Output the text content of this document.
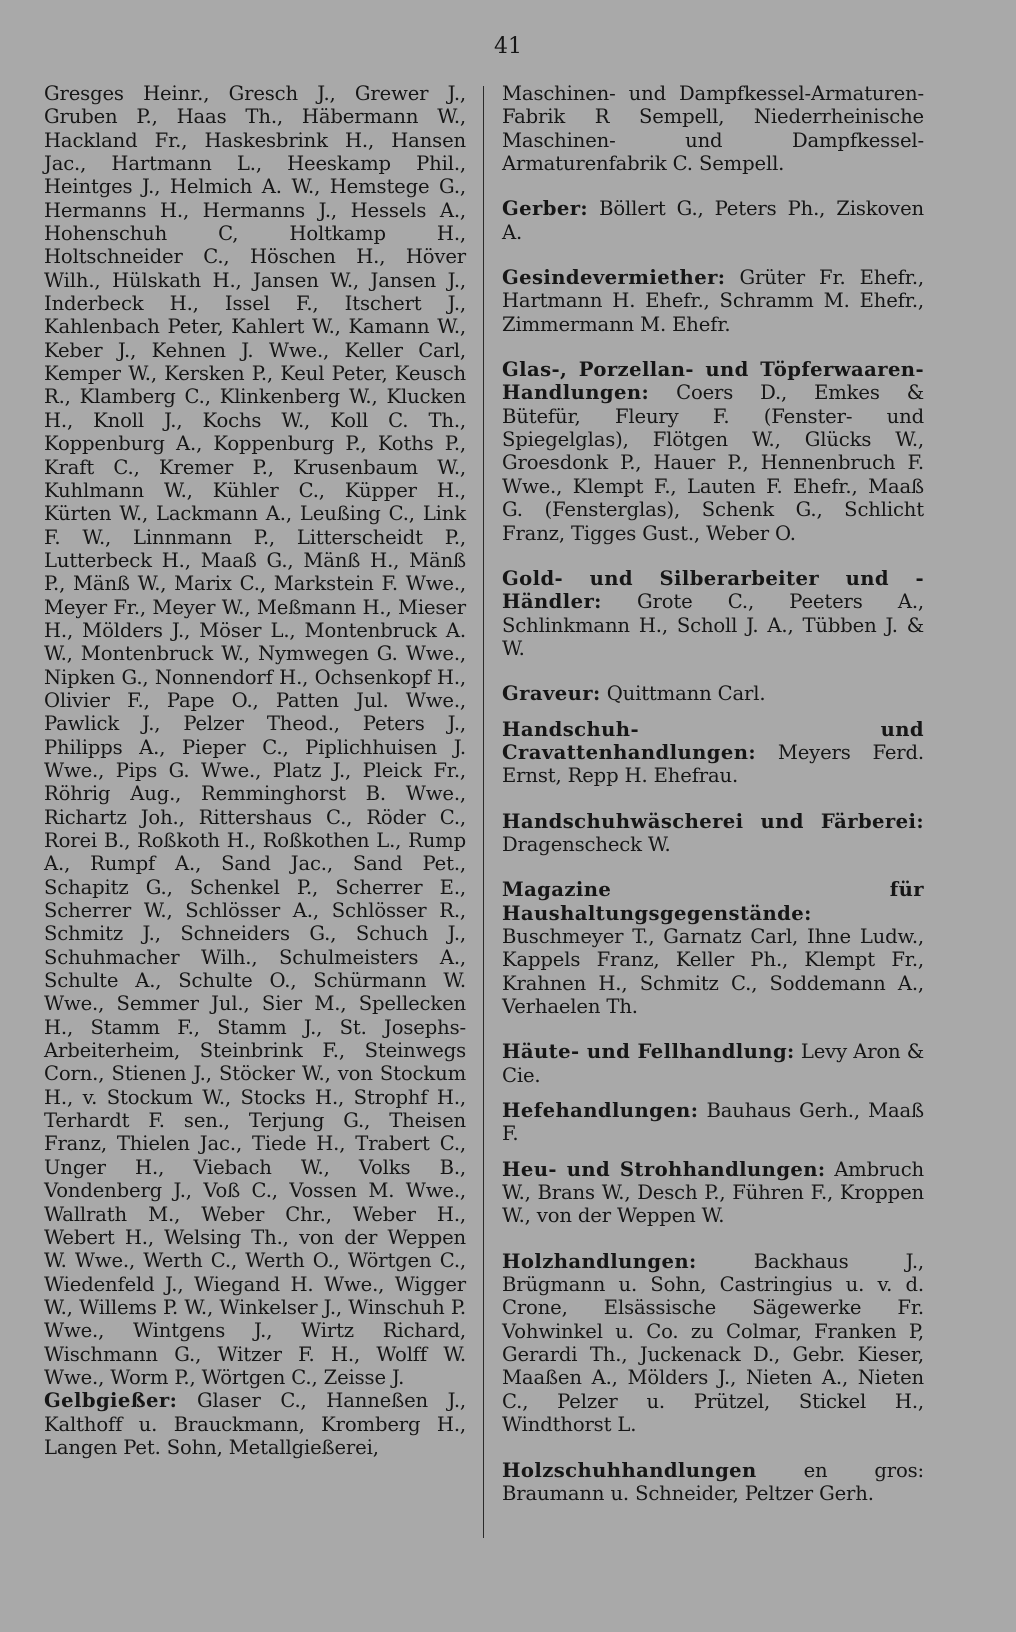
41

Gresges Heinr., Gresch J., Grewer J., Gruben P., Haas Th., Häbermann W., Hackland Fr., Haskesbrink H., Hansen Jac., Hartmann L., Heeskamp Phil., Heintges J., Helmich A. W., Hemstege G., Hermanns H., Hermanns J., Hessels A., Hohenschuh C, Holtkamp H., Holtschneider C., Höschen H., Höver Wilh., Hülskath H., Jansen W., Jansen J., Inderbeck H., Issel F., Itschert J., Kahlenbach Peter, Kahlert W., Kamann W., Keber J., Kehnen J. Wwe., Keller Carl, Kemper W., Kersken P., Keul Peter, Keusch R., Klamberg C., Klinkenberg W., Klucken H., Knoll J., Kochs W., Koll C. Th., Koppenburg A., Koppenburg P., Koths P., Kraft C., Kremer P., Krusenbaum W., Kuhlmann W., Kühler C., Küpper H., Kürten W., Lackmann A., Leußing C., Link F. W., Linnmann P., Litterscheidt P., Lutterbeck H., Maaß G., Mänß H., Mänß P., Mänß W., Marix C., Markstein F. Wwe., Meyer Fr., Meyer W., Meßmann H., Mieser H., Mölders J., Möser L., Montenbruck A. W., Montenbruck W., Nymwegen G. Wwe., Nipken G., Nonnendorf H., Ochsenkopf H., Olivier F., Pape O., Patten Jul. Wwe., Pawlick J., Pelzer Theod., Peters J., Philipps A., Pieper C., Piplichhuisen J. Wwe., Pips G. Wwe., Platz J., Pleick Fr., Röhrig Aug., Remminghorst B. Wwe., Richartz Joh., Rittershaus C., Röder C., Rorei B., Roßkoth H., Roßkothen L., Rump A., Rumpf A., Sand Jac., Sand Pet., Schapitz G., Schenkel P., Scherrer E., Scherrer W., Schlösser A., Schlösser R., Schmitz J., Schneiders G., Schuch J., Schuhmacher Wilh., Schulmeisters A., Schulte A., Schulte O., Schürmann W. Wwe., Semmer Jul., Sier M., Spellecken H., Stamm F., Stamm J., St. Josephs-Arbeiterheim, Steinbrink F., Steinwegs Corn., Stienen J., Stöcker W., von Stockum H., v. Stockum W., Stocks H., Strophf H., Terhardt F. sen., Terjung G., Theisen Franz, Thielen Jac., Tiede H., Trabert C., Unger H., Viebach W., Volks B., Vondenberg J., Voß C., Vossen M. Wwe., Wallrath M., Weber Chr., Weber H., Webert H., Welsing Th., von der Weppen W. Wwe., Werth C., Werth O., Wörtgen C., Wiedenfeld J., Wiegand H. Wwe., Wigger W., Willems P. W., Winkelser J., Winschuh P. Wwe., Wintgens J., Wirtz Richard, Wischmann G., Witzer F. H., Wolff W. Wwe., Worm P., Wörtgen C., Zeisse J.

Gelbgießer: Glaser C., Hanneßen J., Kalthoff u. Brauckmann, Kromberg H., Langen Pet. Sohn, Metallgießerei,

Maschinen- und Dampfkessel-Armaturen-Fabrik R Sempell, Niederrheinische Maschinen- und Dampfkessel-Armaturenfabrik C. Sempell.

Gerber: Böllert G., Peters Ph., Ziskoven A.

Gesindevermiether: Grüter Fr. Ehefr., Hartmann H. Ehefr., Schramm M. Ehefr., Zimmermann M. Ehefr.

Glas-, Porzellan- und Töpferwaaren-Handlungen: Coers D., Emkes & Bütefür, Fleury F. (Fenster- und Spiegelglas), Flötgen W., Glücks W., Groesdonk P., Hauer P., Hennenbruch F. Wwe., Klempt F., Lauten F. Ehefr., Maaß G. (Fensterglas), Schenk G., Schlicht Franz, Tigges Gust., Weber O.

Gold- und Silberarbeiter und -Händler: Grote C., Peeters A., Schlinkmann H., Scholl J. A., Tübben J. & W.

Graveur: Quittmann Carl.

Handschuh- und Cravattenhandlungen: Meyers Ferd. Ernst, Repp H. Ehefrau.

Handschuhwäscherei und Färberei: Dragenscheck W.

Magazine für Haushaltungsgegenstände: Buschmeyer T., Garnatz Carl, Ihne Ludw., Kappels Franz, Keller Ph., Klempt Fr., Krahnen H., Schmitz C., Soddemann A., Verhaelen Th.

Häute- und Fellhandlung: Levy Aron & Cie.

Hefehandlungen: Bauhaus Gerh., Maaß F.

Heu- und Strohhandlungen: Ambruch W., Brans W., Desch P., Führen F., Kroppen W., von der Weppen W.

Holzhandlungen:	Backhaus J., Brügmann u. Sohn, Castringius u. v. d. Crone, Elsässische Sägewerke Fr. Vohwinkel u. Co. zu Colmar, Franken P, Gerardi Th., Juckenack D., Gebr. Kieser, Maaßen A., Mölders J., Nieten A., Nieten C., Pelzer u. Prützel, Stickel H., Windthorst L.

Holzschuhhandlungen en gros: Braumann u. Schneider, Peltzer Gerh.
